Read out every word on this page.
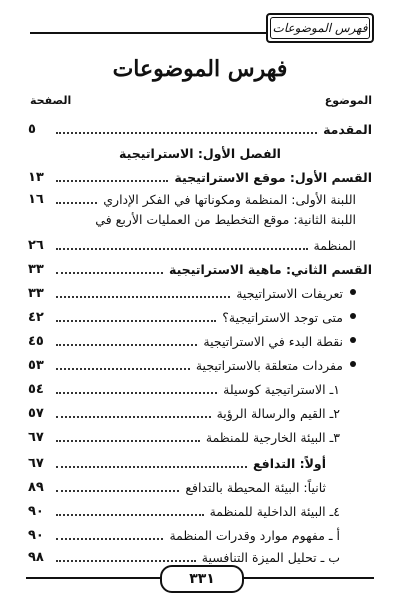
فهرس الموضوعات
فهرس الموضوعات
الموضوع
الصفحة
المقدمة
٥
الفصل الأول: الاستراتيجية
القسم الأول: موقع الاستراتيجية
١٣
اللبنة الأولى: المنظمة ومكوناتها في الفكر الإداري
١٦
اللبنة الثانية: موقع التخطيط من العمليات الأربع في
المنظمة
٢٦
القسم الثاني: ماهية الاستراتيجية
٣٣
تعريفات الاستراتيجية
٣٣
متى توجد الاستراتيجية؟
٤٢
نقطة البدء في الاستراتيجية
٤٥
مفردات متعلقة بالاستراتيجية
٥٣
١ـ الاستراتيجية كوسيلة
٥٤
٢ـ القيم والرسالة الرؤية
٥٧
٣ـ البيئة الخارجية للمنظمة
٦٧
أولاً: التدافع
٦٧
ثانياً: البيئة المحيطة بالتدافع
٨٩
٤ـ البيئة الداخلية للمنظمة
٩٠
أ ـ مفهوم موارد وقدرات المنظمة
٩٠
ب ـ تحليل الميزة التنافسية
٩٨
٣٣١
